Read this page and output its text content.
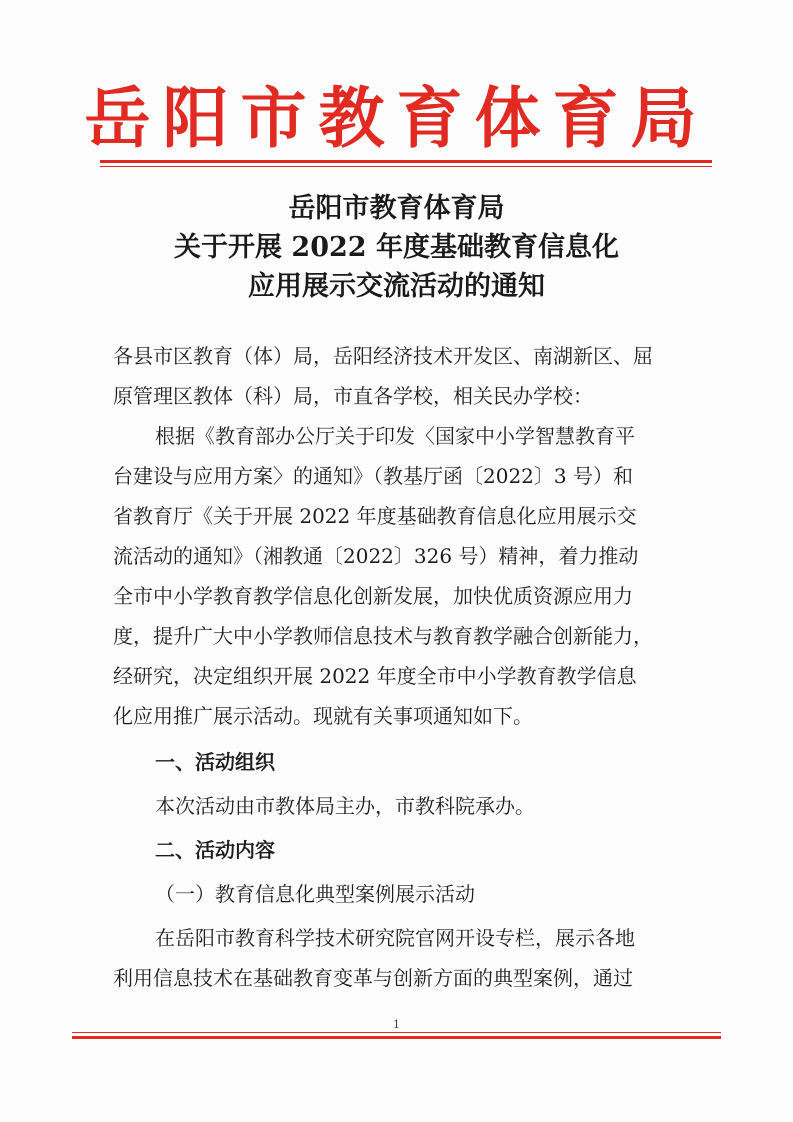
岳阳市教育体育局
岳阳市教育体育局
关于开展 2022 年度基础教育信息化
应用展示交流活动的通知
各县市区教育（体）局，岳阳经济技术开发区、南湖新区、屈
原管理区教体（科）局，市直各学校，相关民办学校：
根据《教育部办公厅关于印发〈国家中小学智慧教育平
台建设与应用方案〉的通知》（教基厅函〔2022〕3 号）和
省教育厅《关于开展 2022 年度基础教育信息化应用展示交
流活动的通知》（湘教通〔2022〕326 号）精神，着力推动
全市中小学教育教学信息化创新发展，加快优质资源应用力
度，提升广大中小学教师信息技术与教育教学融合创新能力，
经研究，决定组织开展 2022 年度全市中小学教育教学信息
化应用推广展示活动。现就有关事项通知如下。
一、活动组织
本次活动由市教体局主办，市教科院承办。
二、活动内容
（一）教育信息化典型案例展示活动
在岳阳市教育科学技术研究院官网开设专栏，展示各地
利用信息技术在基础教育变革与创新方面的典型案例，通过
1
